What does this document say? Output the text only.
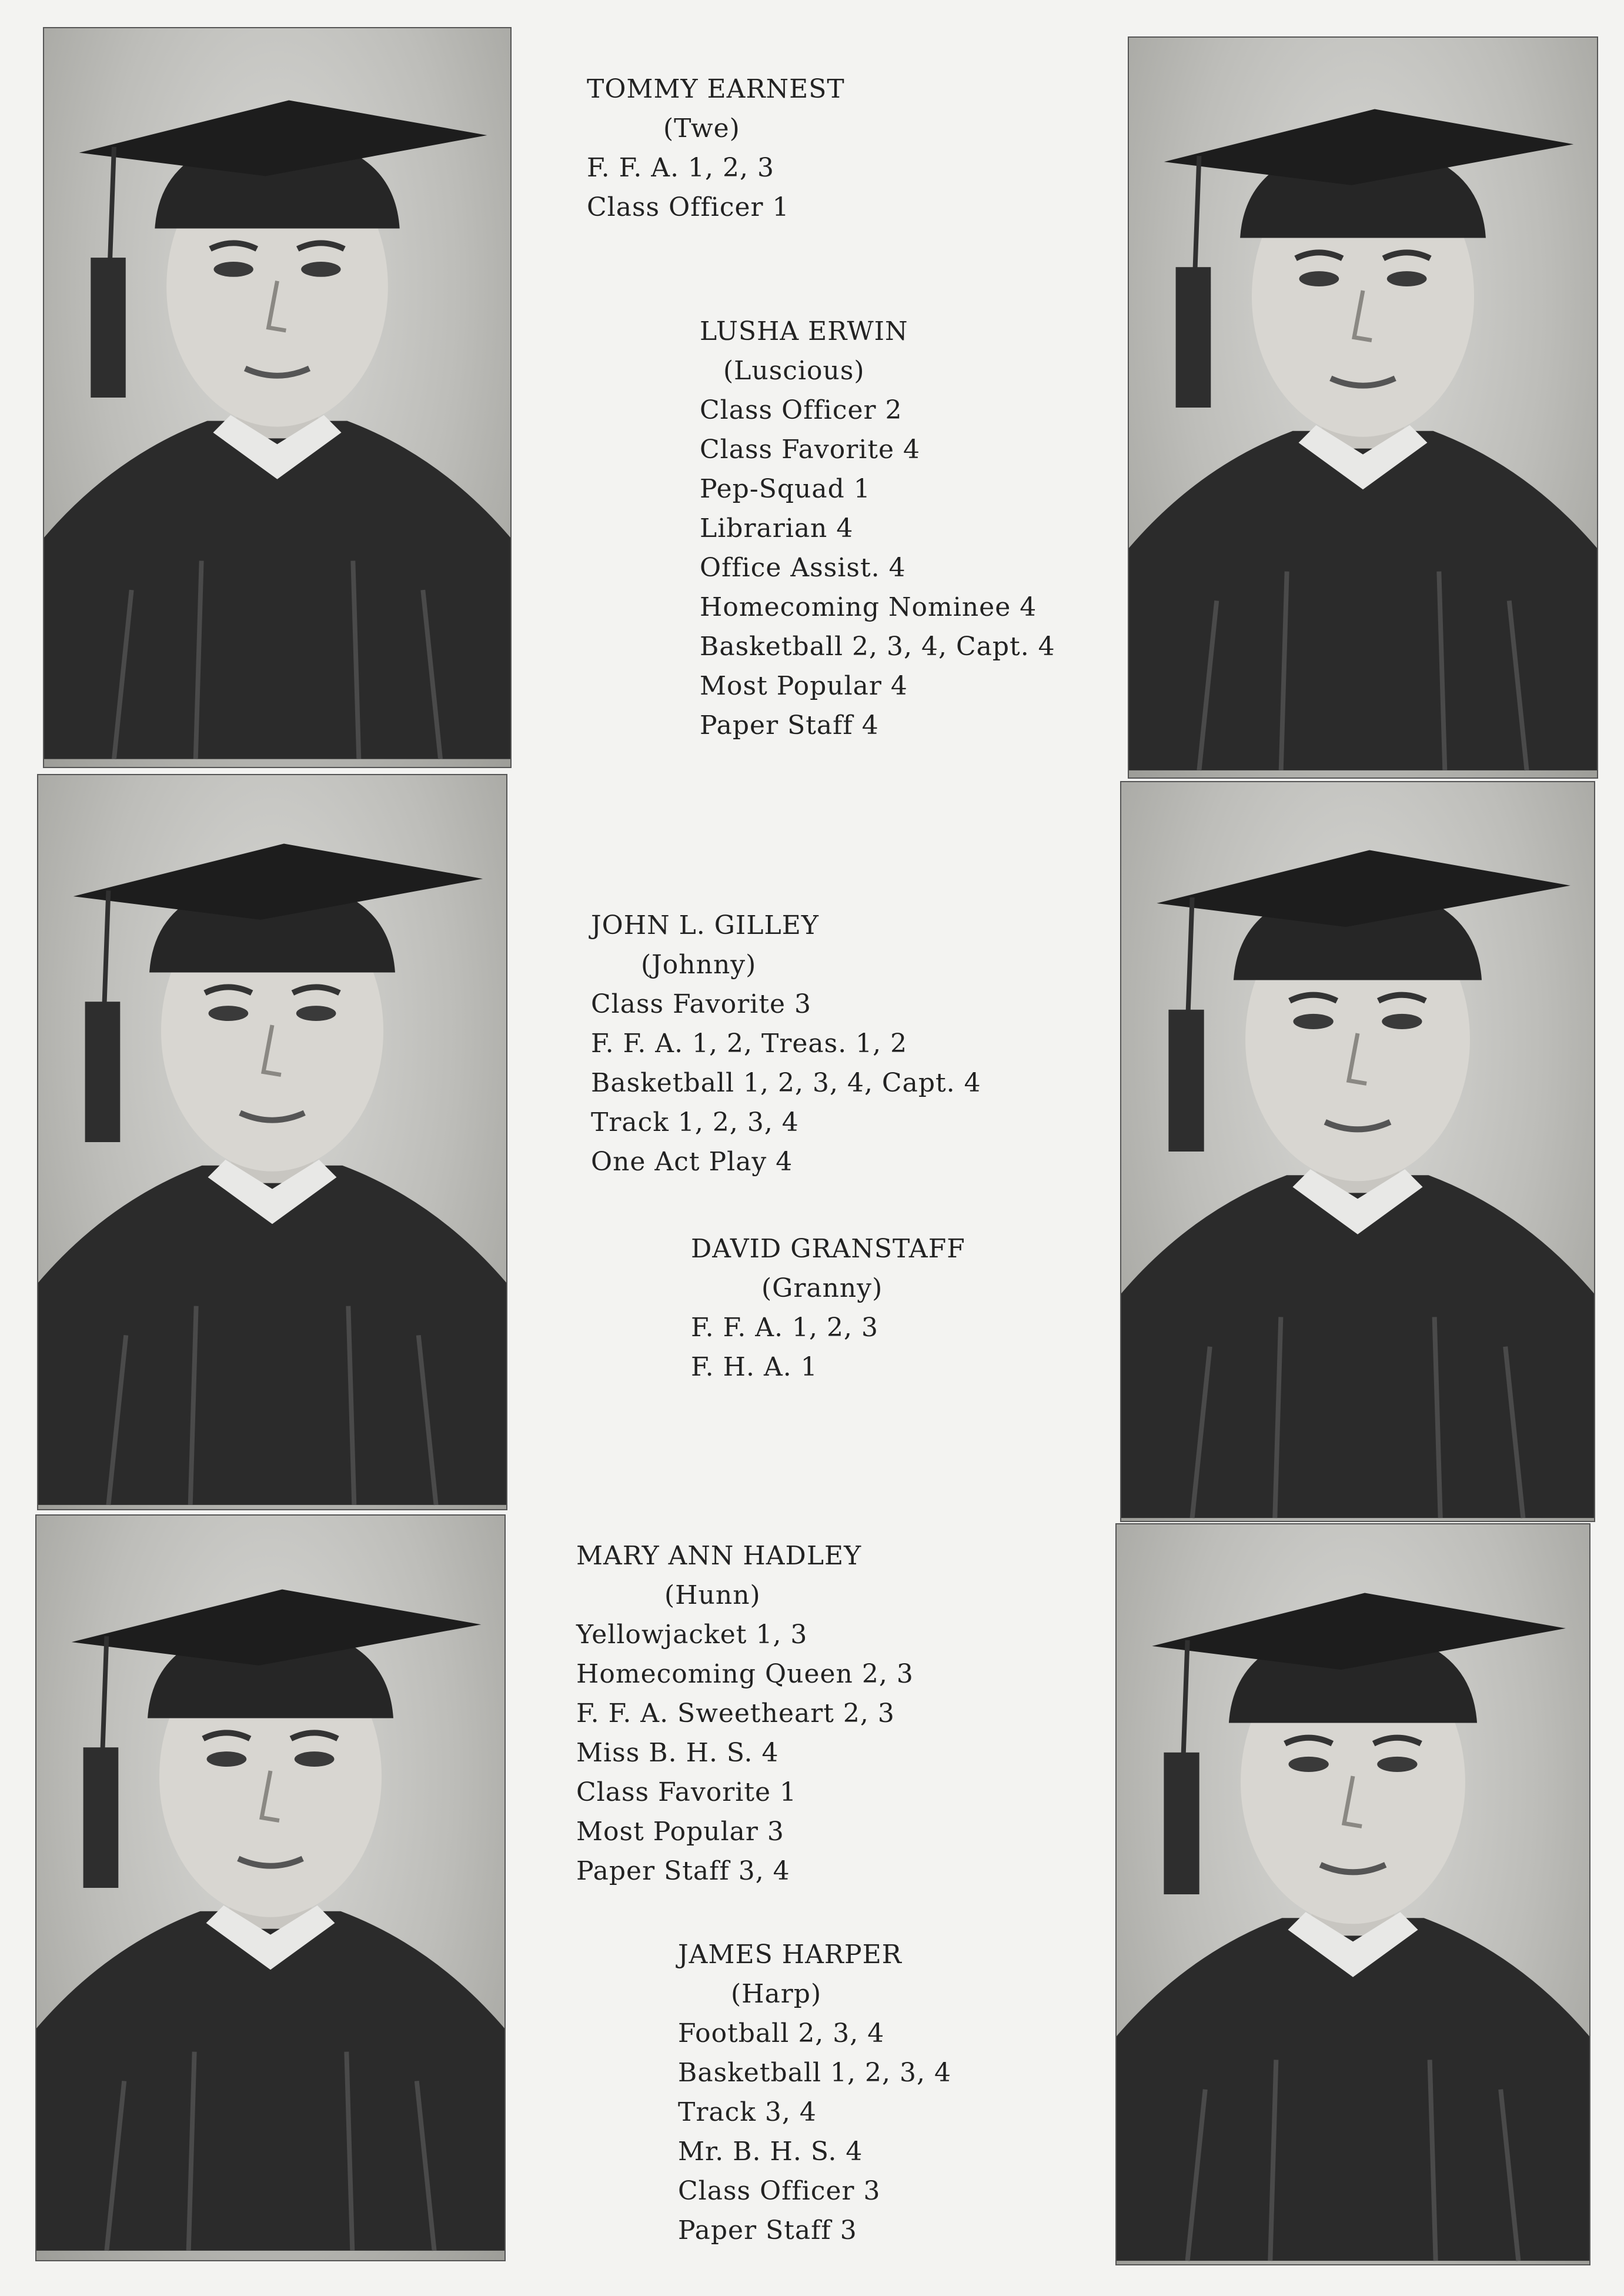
TOMMY EARNEST
(Twe)
F. F. A. 1, 2, 3
Class Officer 1
LUSHA ERWIN
(Luscious)
Class Officer 2
Class Favorite 4
Pep-Squad 1
Librarian 4
Office Assist. 4
Homecoming Nominee 4
Basketball 2, 3, 4, Capt. 4
Most Popular 4
Paper Staff 4
JOHN L. GILLEY
(Johnny)
Class Favorite 3
F. F. A. 1, 2, Treas. 1, 2
Basketball 1, 2, 3, 4, Capt. 4
Track 1, 2, 3, 4
One Act Play 4
DAVID GRANSTAFF
(Granny)
F. F. A. 1, 2, 3
F. H. A. 1
MARY ANN HADLEY
(Hunn)
Yellowjacket 1, 3
Homecoming Queen 2, 3
F. F. A. Sweetheart 2, 3
Miss B. H. S. 4
Class Favorite 1
Most Popular 3
Paper Staff 3, 4
JAMES HARPER
(Harp)
Football 2, 3, 4
Basketball 1, 2, 3, 4
Track 3, 4
Mr. B. H. S. 4
Class Officer 3
Paper Staff 3
